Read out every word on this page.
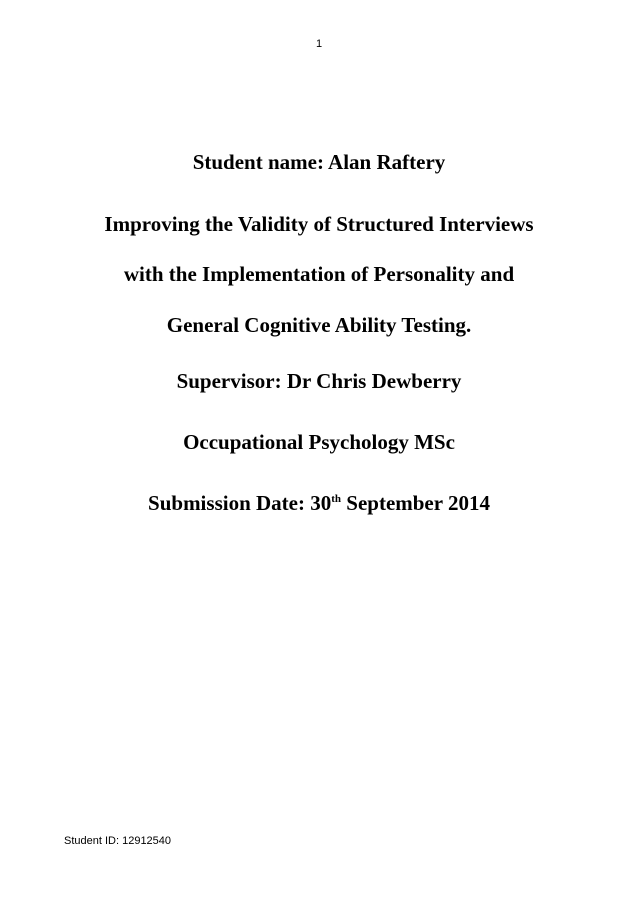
1
Student name: Alan Raftery
Improving the Validity of Structured Interviews
with the Implementation of Personality and
General Cognitive Ability Testing.
Supervisor: Dr Chris Dewberry
Occupational Psychology MSc
Submission Date: 30th September 2014
Student ID: 12912540
